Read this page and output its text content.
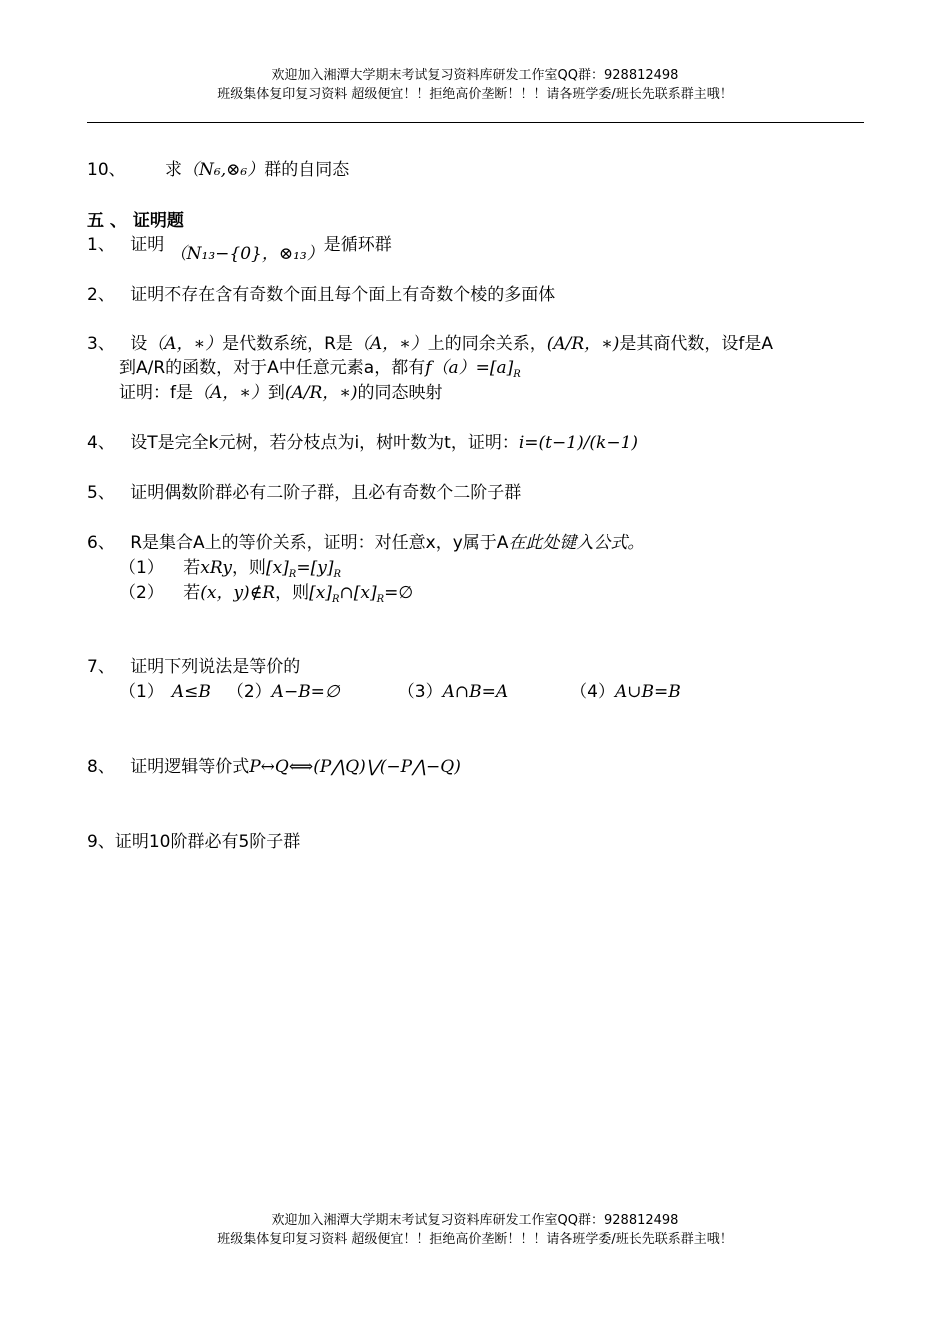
欢迎加入湘潭大学期末考试复习资料库研发工作室QQ群：928812498
班级集体复印复习资料 超级便宜！！拒绝高价垄断！！！请各班学委/班长先联系群主哦！
10、 求（N₆,⊗₆）群的自同态
五 、 证明题
1、 证明 （N₁₃−{0}，⊗₁₃）是循环群
2、 证明不存在含有奇数个面且每个面上有奇数个棱的多面体
3、 设（A，∗）是代数系统，R是（A，∗）上的同余关系，(A/R，∗)是其商代数，设f是A
到A/R的函数，对于A中任意元素a，都有$f(a)=[a]_R$
证明：f是（A，∗）到(A/R，∗)的同态映射
4、 设T是完全k元树，若分枝点为i，树叶数为t，证明：i=(t−1)/(k−1)
5、 证明偶数阶群必有二阶子群，且必有奇数个二阶子群
6、 R是集合A上的等价关系，证明：对任意x，y属于A在此处键入公式。
（1） 若xRy，则$[x]_R=[y]_R$
（2） 若(x，y)∉R，则$[x]_R\cap[x]_R=\emptyset$
7、 证明下列说法是等价的
（1） A≤B （2）A−B=∅	（3）A∩B=A	（4）A∪B=B
8、 证明逻辑等价式P↔Q⟺(P⋀Q)⋁(−P⋀−Q)
9、证明10阶群必有5阶子群
欢迎加入湘潭大学期末考试复习资料库研发工作室QQ群：928812498
班级集体复印复习资料 超级便宜！！拒绝高价垄断！！！请各班学委/班长先联系群主哦！
